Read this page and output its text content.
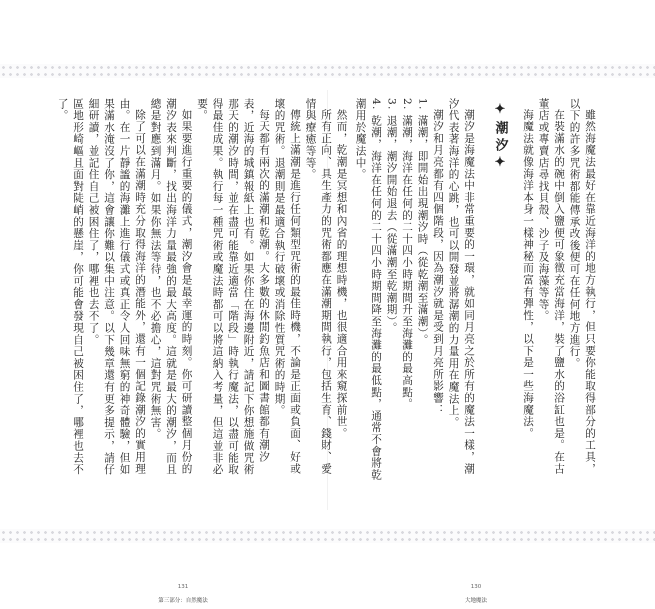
雖然海魔法最好在靠近海洋的地方執行，但只要你能取得部分的工具，以下的許多咒術都能傳承改後便可在任何地方進行。

在裝滿水的碗中倒入鹽便可象徵充當海洋，裝了鹽水的浴缸也是。在古董店或專賣店尋找貝殼、沙子及海藻等等。

海魔法就像海洋本身一樣神秘而富有彈性，以下是一些海魔法。

✦潮汐✦

潮汐是海魔法中非常重要的一環，就如同月亮之於所有的魔法一樣，潮汐代表著海洋的心跳，也可以開發並將潺潮的力量用在魔法上。

潮汐和月亮都有四個階段，因為潮汐就是受到月亮所影響：

1. 滿潮，即開始出現潮汐時（從乾潮至滿潮）。

2. 滿潮，海洋在任何的二十四小時期間升至海灘的最高點。

3. 退潮，潮汐開始退去（從滿潮至乾潮期）。

4. 乾潮，海洋在任何的二十四小時期間降至海灘的最低點，通常不會將乾潮用於魔法中。

130
大地魔法

然而，乾潮是冥想和內省的理想時機，也很適合用來窺探前世。

所有正向、具生產力的咒術都應在滿潮期間執行，包括生育、錢財、愛情與療癒等等。

傳統上滿潮是進行任何類型咒術的最佳時機，不論是正面或負面、好或壞的咒術。退潮則是最適合執行破壞或消除性質咒術的時期。

每天都有兩次的滿潮和乾潮。大多數的休閒釣魚店和圖書館都有潮汐表，近海的城鎮報紙上也有。如果你住在海邊附近，請記下你想施做咒術那天的潮汐時間，並在盡可能靠近適當「階段」時執行魔法，以盡可能取得最佳成果。執行每一種咒術或魔法時都可以將這納入考量，但這並非必要。

如果要進行重要的儀式，潮汐會是最幸運的時刻。你可研讀整個月份的潮汐表來判斷，找出海洋力量最強的最大高度。這就是最大的潮汐，而且總是對應到滿月。如果你無法等待，也不必擔心，這對咒術無害。

除了可以在滿潮時充分取得海洋的潛能外，還有一個記錄潮汐的實用理由。在一片靜謐的海灘上進行儀式或真正令人回味無窮的神奇體驗，但如果滿水淹沒了你，這會讓你難以集中注意。以下幾章還有更多提示，請仔細研讀，並記住自己被困住了，哪裡也去不了。

區地形崎嶇且面對陡峭的懸崖，你可能會發現自己被困住了，哪裡也去不了。

131
第三部分：自然魔法
